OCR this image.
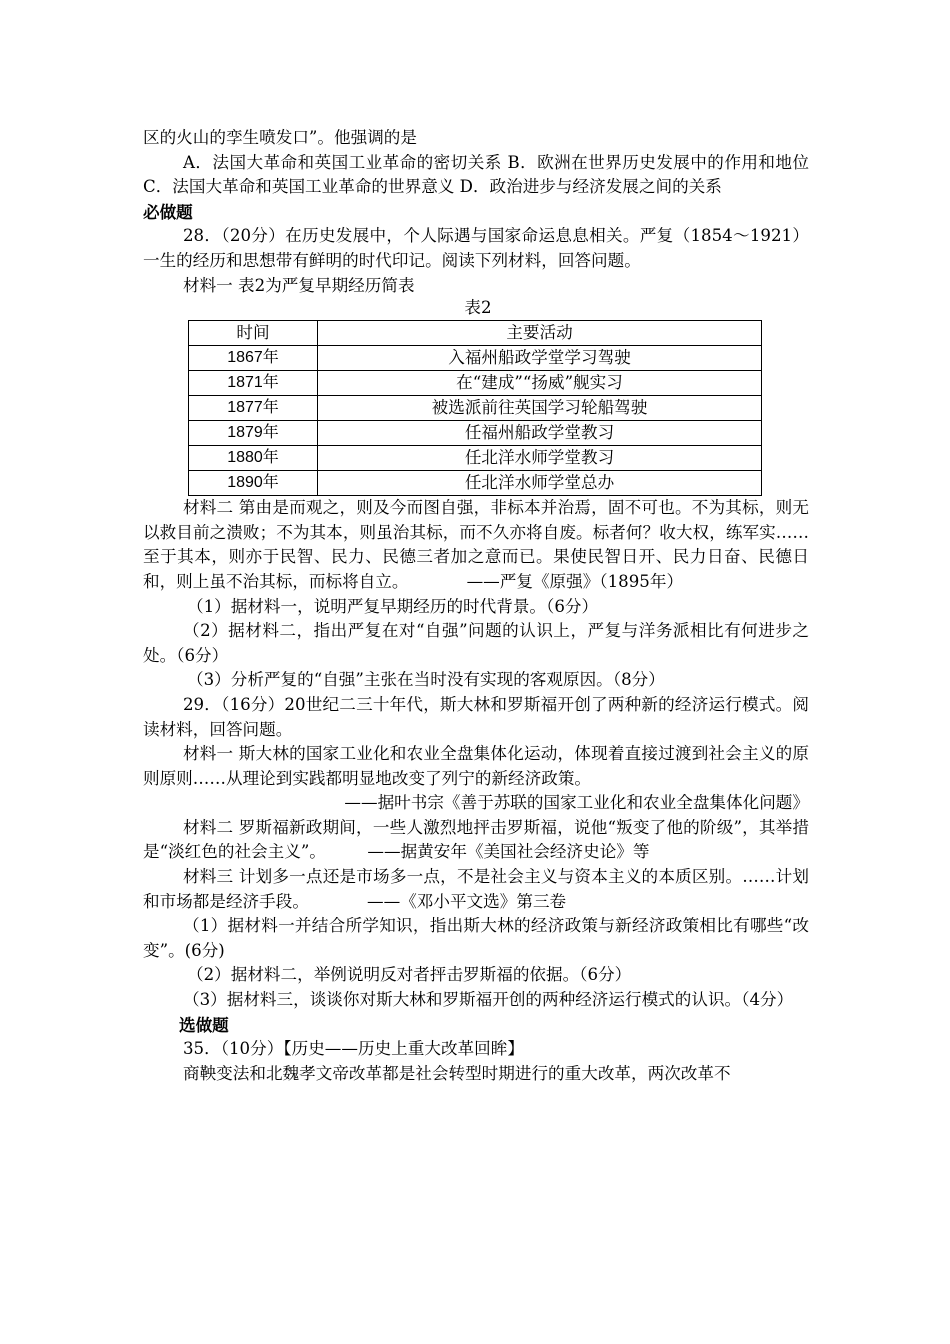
区的火山的孪生喷发口”。他强调的是

A．法国大革命和英国工业革命的密切关系 B．欧洲在世界历史发展中的作用和地位　C．法国大革命和英国工业革命的世界意义 D．政治进步与经济发展之间的关系

必做题

28．（20分）在历史发展中，个人际遇与国家命运息息相关。严复（1854～1921）一生的经历和思想带有鲜明的时代印记。阅读下列材料，回答问题。

材料一 表2为严复早期经历简表

表2

时间	主要活动
1867年	入福州船政学堂学习驾驶
1871年	在“建成”“扬威”舰实习
1877年	被选派前往英国学习轮船驾驶
1879年	任福州船政学堂教习
1880年	任北洋水师学堂教习
1890年	任北洋水师学堂总办

材料二 第由是而观之，则及今而图自强，非标本并治焉，固不可也。不为其标，则无以救目前之溃败；不为其本，则虽治其标，而不久亦将自废。标者何？收大权，练军实……至于其本，则亦于民智、民力、民德三者加之意而已。果使民智日开、民力日奋、民德日和，则上虽不治其标，而标将自立。　　　　——严复《原强》（1895年）

（1）据材料一，说明严复早期经历的时代背景。（6分）

（2）据材料二，指出严复在对“自强”问题的认识上，严复与洋务派相比有何进步之处。（6分）

（3）分析严复的“自强”主张在当时没有实现的客观原因。（8分）

29．（16分）20世纪二三十年代，斯大林和罗斯福开创了两种新的经济运行模式。阅读材料，回答问题。

材料一 斯大林的国家工业化和农业全盘集体化运动，体现着直接过渡到社会主义的原则原则……从理论到实践都明显地改变了列宁的新经济政策。

——据叶书宗《善于苏联的国家工业化和农业全盘集体化问题》

材料二 罗斯福新政期间，一些人激烈地抨击罗斯福，说他“叛变了他的阶级”，其举措是“淡红色的社会主义”。　　　——据黄安年《美国社会经济史论》等

材料三 计划多一点还是市场多一点，不是社会主义与资本主义的本质区别。……计划和市场都是经济手段。　　　　——《邓小平文选》第三卷

（1）据材料一并结合所学知识，指出斯大林的经济政策与新经济政策相比有哪些“改变”。(6分)

（2）据材料二，举例说明反对者抨击罗斯福的依据。（6分）

（3）据材料三，谈谈你对斯大林和罗斯福开创的两种经济运行模式的认识。（4分）

选做题

35．（10分）【历史——历史上重大改革回眸】

商鞅变法和北魏孝文帝改革都是社会转型时期进行的重大改革，两次改革不
